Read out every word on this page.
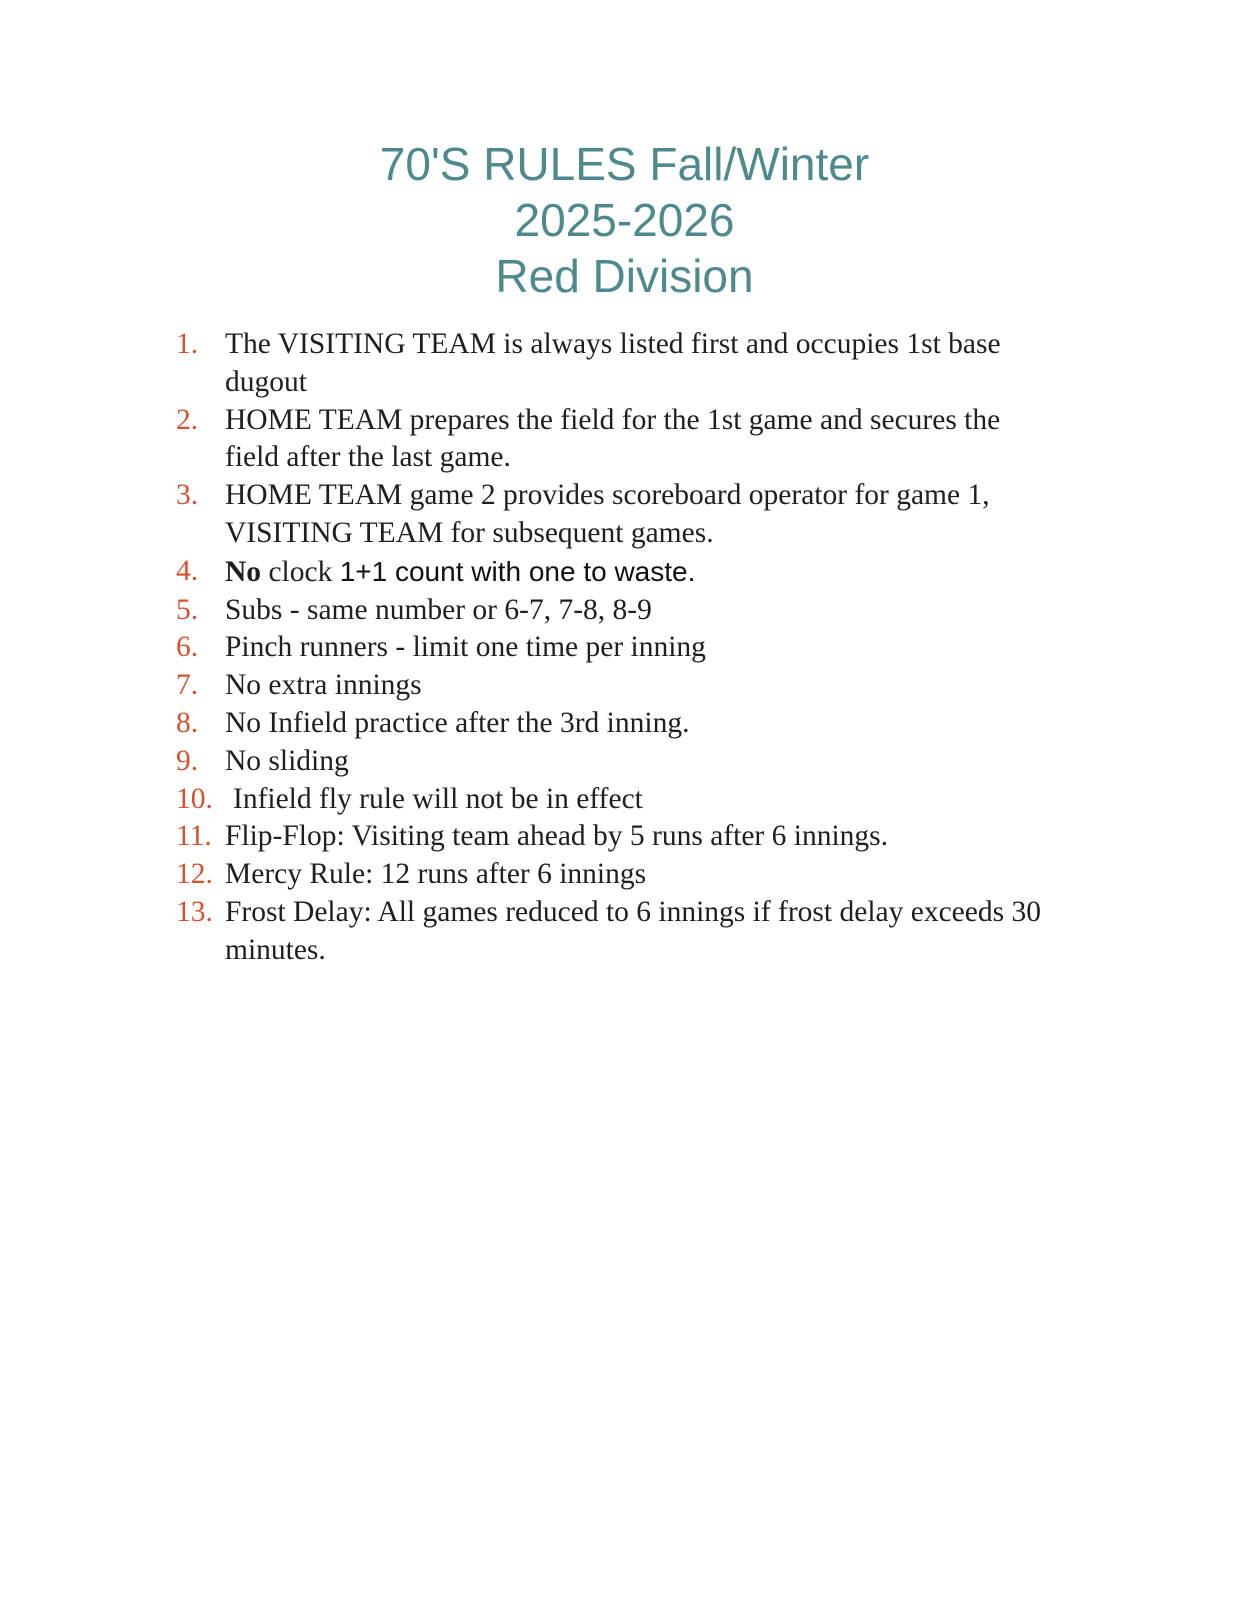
70'S RULES Fall/Winter
2025-2026
Red Division
1. The VISITING TEAM is always listed first and occupies 1st base dugout
2. HOME TEAM prepares the field for the 1st game and secures the field after the last game.
3. HOME TEAM game 2 provides scoreboard operator for game 1, VISITING TEAM for subsequent games.
4. No clock 1+1 count with one to waste.
5. Subs - same number or 6-7, 7-8, 8-9
6. Pinch runners - limit one time per inning
7. No extra innings
8. No Infield practice after the 3rd inning.
9. No sliding
10. Infield fly rule will not be in effect
11. Flip-Flop: Visiting team ahead by 5 runs after 6 innings.
12. Mercy Rule: 12 runs after 6 innings
13. Frost Delay: All games reduced to 6 innings if frost delay exceeds 30 minutes.
